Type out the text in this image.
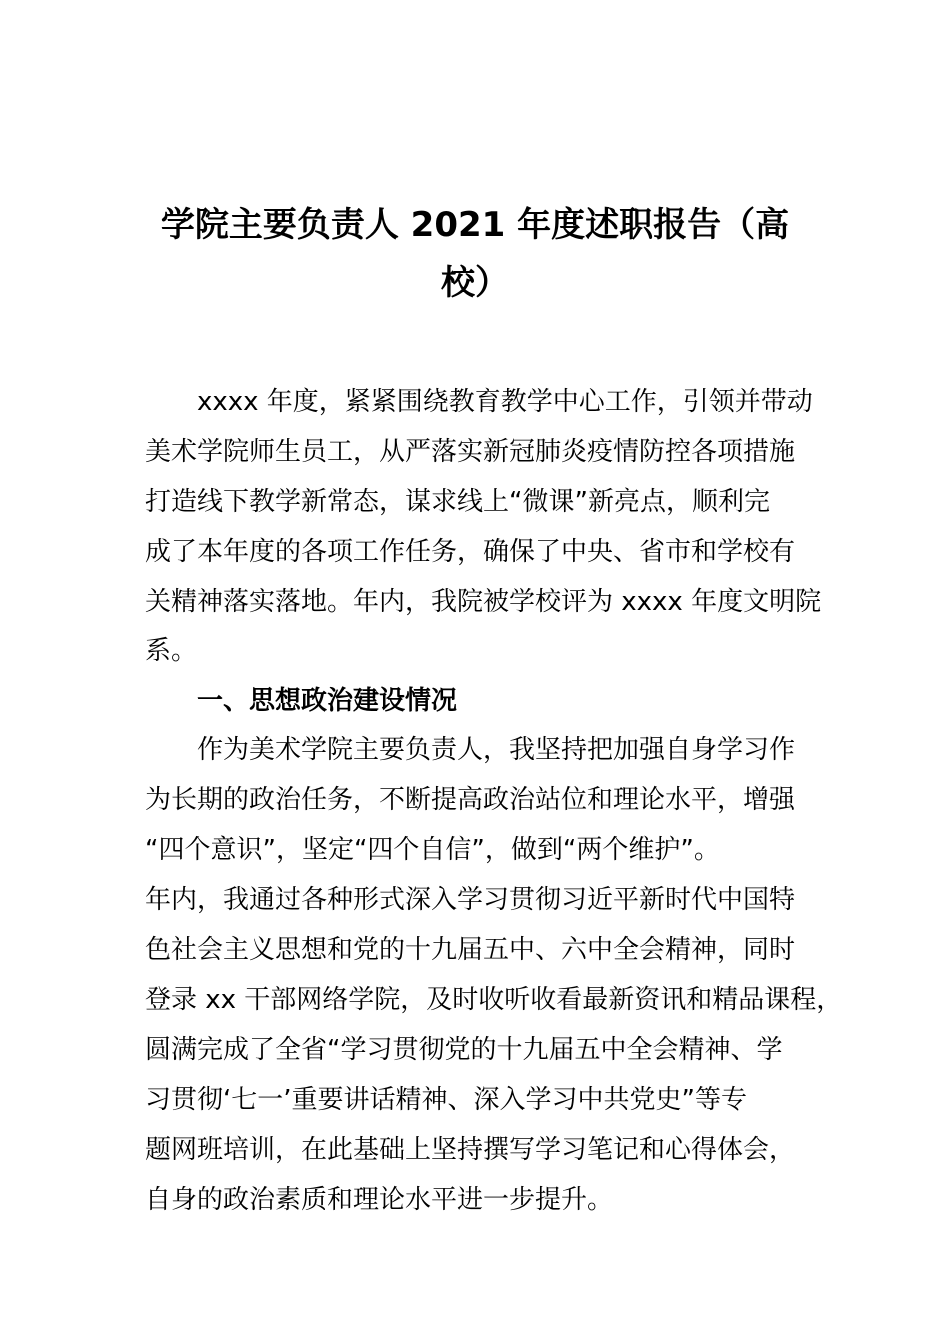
学院主要负责人 2021 年度述职报告（高
校）
xxxx 年度，紧紧围绕教育教学中心工作，引领并带动
美术学院师生员工，从严落实新冠肺炎疫情防控各项措施
打造线下教学新常态，谋求线上“微课”新亮点，顺利完
成了本年度的各项工作任务，确保了中央、省市和学校有
关精神落实落地。年内，我院被学校评为 xxxx 年度文明院
系。
一、思想政治建设情况
作为美术学院主要负责人，我坚持把加强自身学习作
为长期的政治任务，不断提高政治站位和理论水平，增强
“四个意识”，坚定“四个自信”，做到“两个维护”。
年内，我通过各种形式深入学习贯彻习近平新时代中国特
色社会主义思想和党的十九届五中、六中全会精神，同时
登录 xx 干部网络学院，及时收听收看最新资讯和精品课程，
圆满完成了全省“学习贯彻党的十九届五中全会精神、学
习贯彻‘七一’重要讲话精神、深入学习中共党史”等专
题网班培训，在此基础上坚持撰写学习笔记和心得体会，
自身的政治素质和理论水平进一步提升。
